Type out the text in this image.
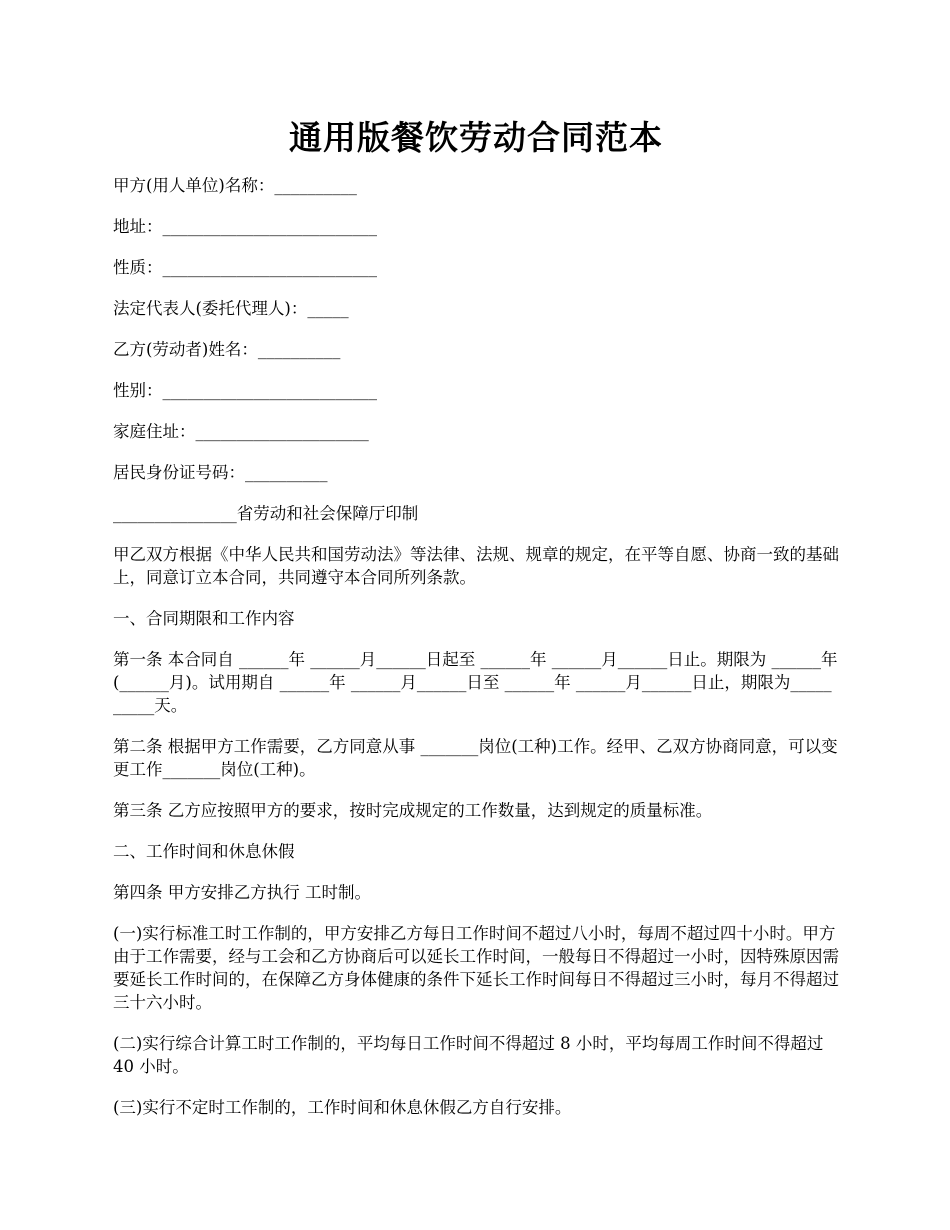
通用版餐饮劳动合同范本

甲方(用人单位)名称：__________

地址：__________________________

性质：__________________________

法定代表人(委托代理人)：_____

乙方(劳动者)姓名：__________

性别：__________________________

家庭住址：_____________________

居民身份证号码：__________

_______________省劳动和社会保障厅印制

甲乙双方根据《中华人民共和国劳动法》等法律、法规、规章的规定，在平等自愿、协商一致的基础上，同意订立本合同，共同遵守本合同所列条款。

一、合同期限和工作内容

第一条 本合同自 ______年 ______月______日起至 ______年 ______月______日止。期限为 ______年(______月)。试用期自 ______年 ______月______日至 ______年 ______月______日止，期限为__________天。

第二条 根据甲方工作需要，乙方同意从事 _______岗位(工种)工作。经甲、乙双方协商同意，可以变更工作_______岗位(工种)。

第三条 乙方应按照甲方的要求，按时完成规定的工作数量，达到规定的质量标准。

二、工作时间和休息休假

第四条 甲方安排乙方执行 工时制。

(一)实行标准工时工作制的，甲方安排乙方每日工作时间不超过八小时，每周不超过四十小时。甲方由于工作需要，经与工会和乙方协商后可以延长工作时间，一般每日不得超过一小时，因特殊原因需要延长工作时间的，在保障乙方身体健康的条件下延长工作时间每日不得超过三小时，每月不得超过三十六小时。

(二)实行综合计算工时工作制的，平均每日工作时间不得超过 8 小时，平均每周工作时间不得超过 40 小时。

(三)实行不定时工作制的，工作时间和休息休假乙方自行安排。
